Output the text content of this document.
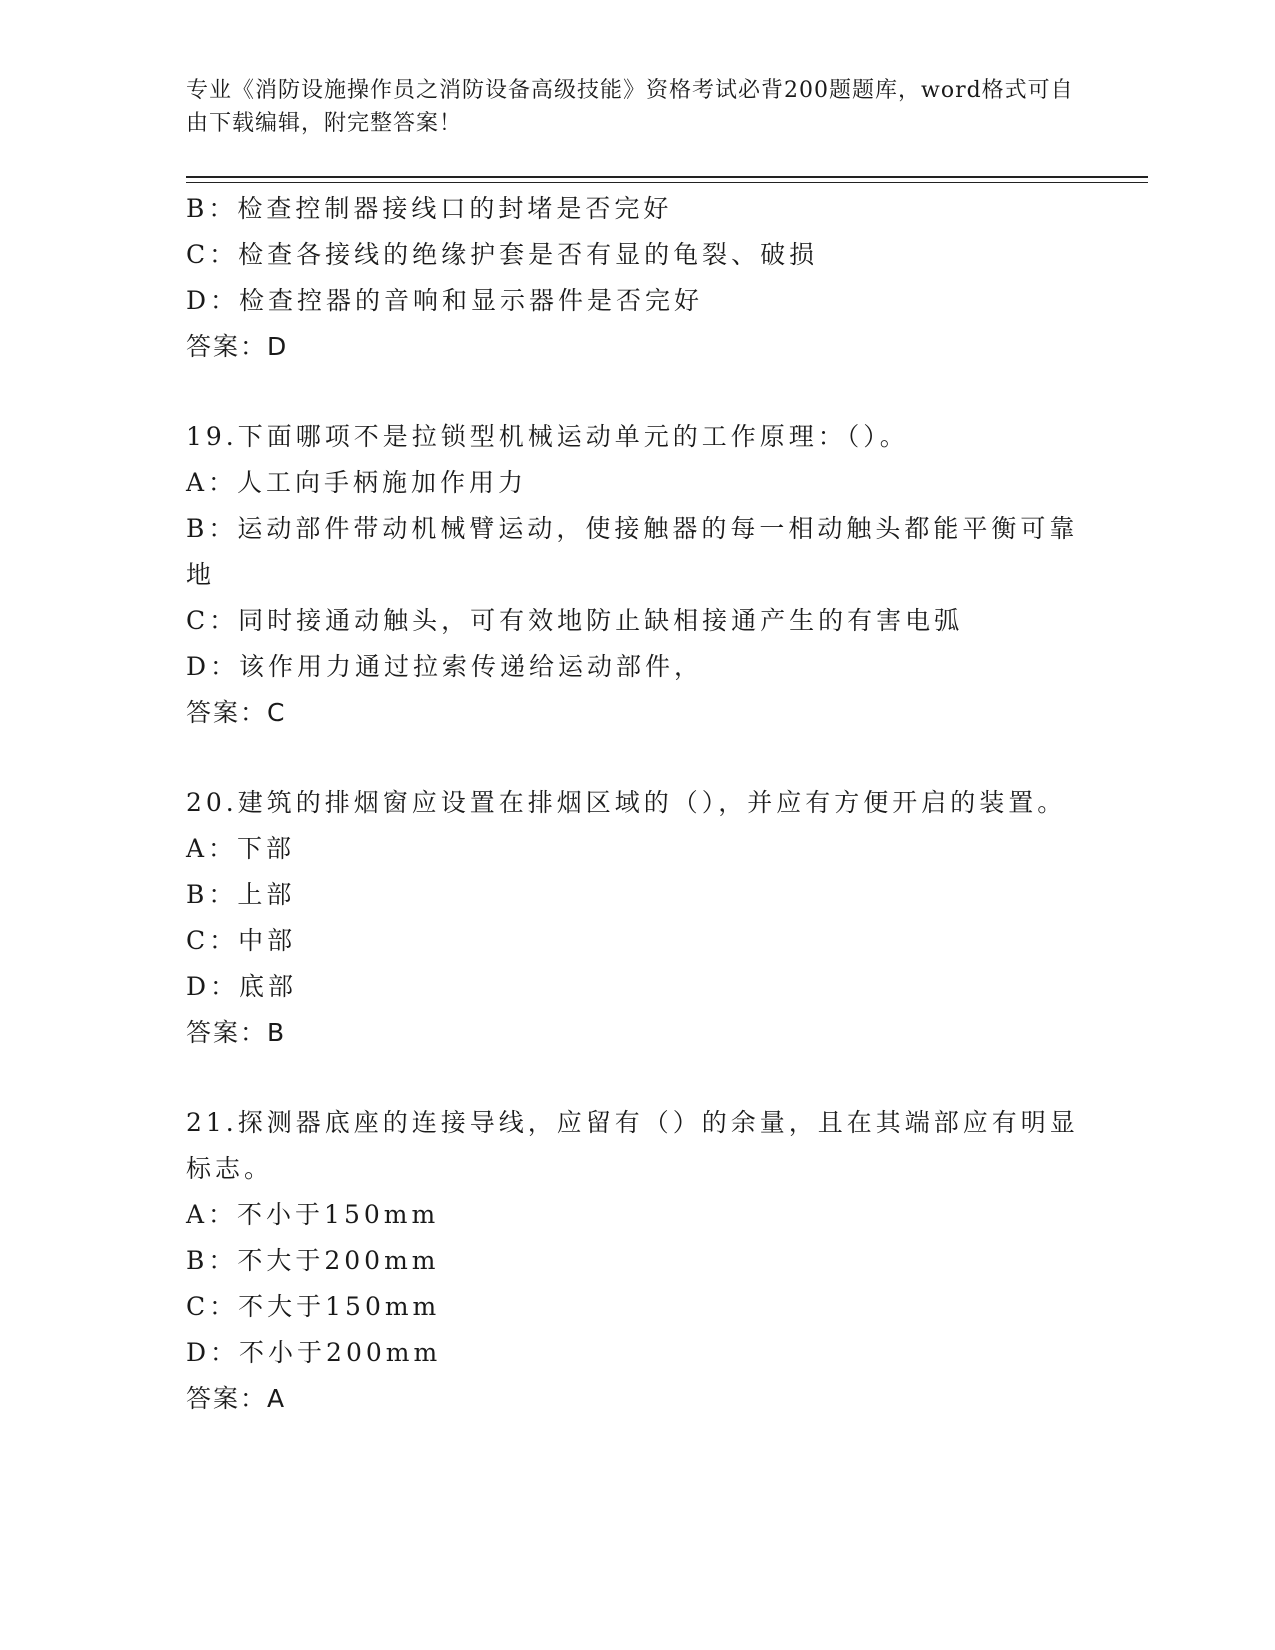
专业《消防设施操作员之消防设备高级技能》资格考试必背200题题库，word格式可自由下载编辑，附完整答案！
B：检查控制器接线口的封堵是否完好
C：检查各接线的绝缘护套是否有显的龟裂、破损
D：检查控器的音响和显示器件是否完好
答案：D
19.下面哪项不是拉锁型机械运动单元的工作原理：（）。
A：人工向手柄施加作用力
B：运动部件带动机械臂运动，使接触器的每一相动触头都能平衡可靠地
C：同时接通动触头，可有效地防止缺相接通产生的有害电弧
D：该作用力通过拉索传递给运动部件，
答案：C
20.建筑的排烟窗应设置在排烟区域的（），并应有方便开启的装置。
A：下部
B：上部
C：中部
D：底部
答案：B
21.探测器底座的连接导线，应留有（）的余量，且在其端部应有明显标志。
A：不小于150mm
B：不大于200mm
C：不大于150mm
D：不小于200mm
答案：A
